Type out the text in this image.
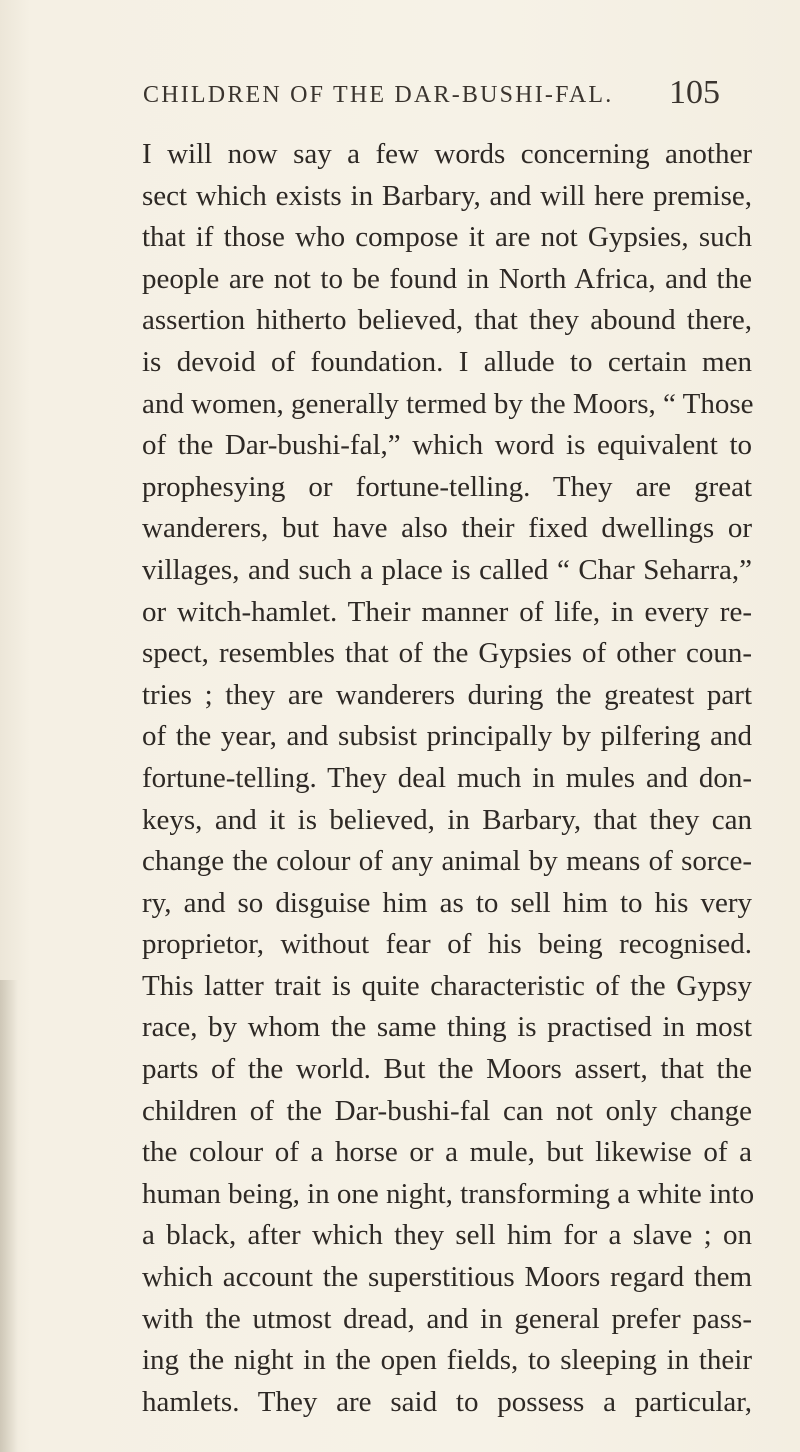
CHILDREN OF THE DAR-BUSHI-FAL.	105
I will now say a few words concerning another
sect which exists in Barbary, and will here premise,
that if those who compose it are not Gypsies, such
people are not to be found in North Africa, and the
assertion hitherto believed, that they abound there,
is devoid of foundation. I allude to certain men
and women, generally termed by the Moors, “ Those
of the Dar-bushi-fal,” which word is equivalent to
prophesying or fortune-telling. They are great
wanderers, but have also their fixed dwellings or
villages, and such a place is called “ Char Seharra,”
or witch-hamlet. Their manner of life, in every re-
spect, resembles that of the Gypsies of other coun-
tries ; they are wanderers during the greatest part
of the year, and subsist principally by pilfering and
fortune-telling. They deal much in mules and don-
keys, and it is believed, in Barbary, that they can
change the colour of any animal by means of sorce-
ry, and so disguise him as to sell him to his very
proprietor, without fear of his being recognised.
This latter trait is quite characteristic of the Gypsy
race, by whom the same thing is practised in most
parts of the world. But the Moors assert, that the
children of the Dar-bushi-fal can not only change
the colour of a horse or a mule, but likewise of a
human being, in one night, transforming a white into
a black, after which they sell him for a slave ; on
which account the superstitious Moors regard them
with the utmost dread, and in general prefer pass-
ing the night in the open fields, to sleeping in their
hamlets. They are said to possess a particular,
